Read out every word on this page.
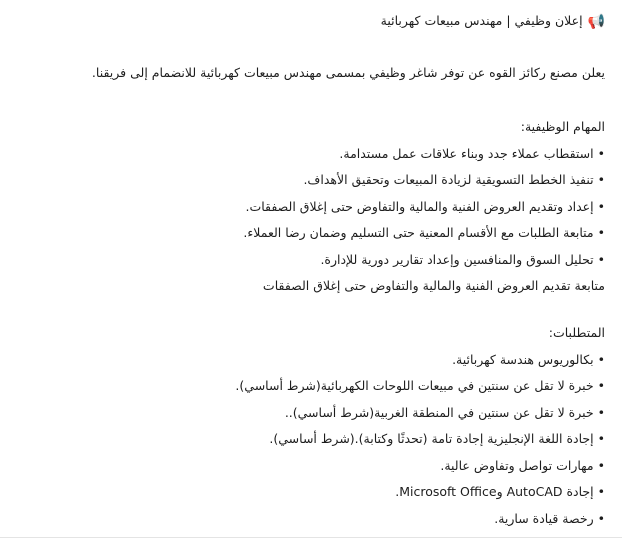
📢إعلان وظيفي | مهندس مبيعات كهربائية

يعلن مصنع ركائز القوه عن توفر شاغر وظيفي بمسمى مهندس مبيعات كهربائية للانضمام إلى فريقنا.

المهام الوظيفية:
•استقطاب عملاء جدد وبناء علاقات عمل مستدامة.
•تنفيذ الخطط التسويقية لزيادة المبيعات وتحقيق الأهداف.
•إعداد وتقديم العروض الفنية والمالية والتفاوض حتى إغلاق الصفقات.
•متابعة الطلبات مع الأقسام المعنية حتى التسليم وضمان رضا العملاء.
•تحليل السوق والمنافسين وإعداد تقارير دورية للإدارة.
متابعة تقديم العروض الفنية والمالية والتفاوض حتى إغلاق الصفقات
المتطلبات:
•بكالوريوس هندسة كهربائية.
•خبرة لا تقل عن سنتين في مبيعات اللوحات الكهربائية(شرط أساسي).
•خبرة لا تقل عن سنتين في المنطقة الغربية(شرط أساسي)..
•إجادة اللغة الإنجليزية إجادة تامة (تحدثًا وكتابة).(شرط أساسي).
•مهارات تواصل وتفاوض عالية.
•إجادة AutoCAD وMicrosoft Office.
•رخصة قيادة سارية.
